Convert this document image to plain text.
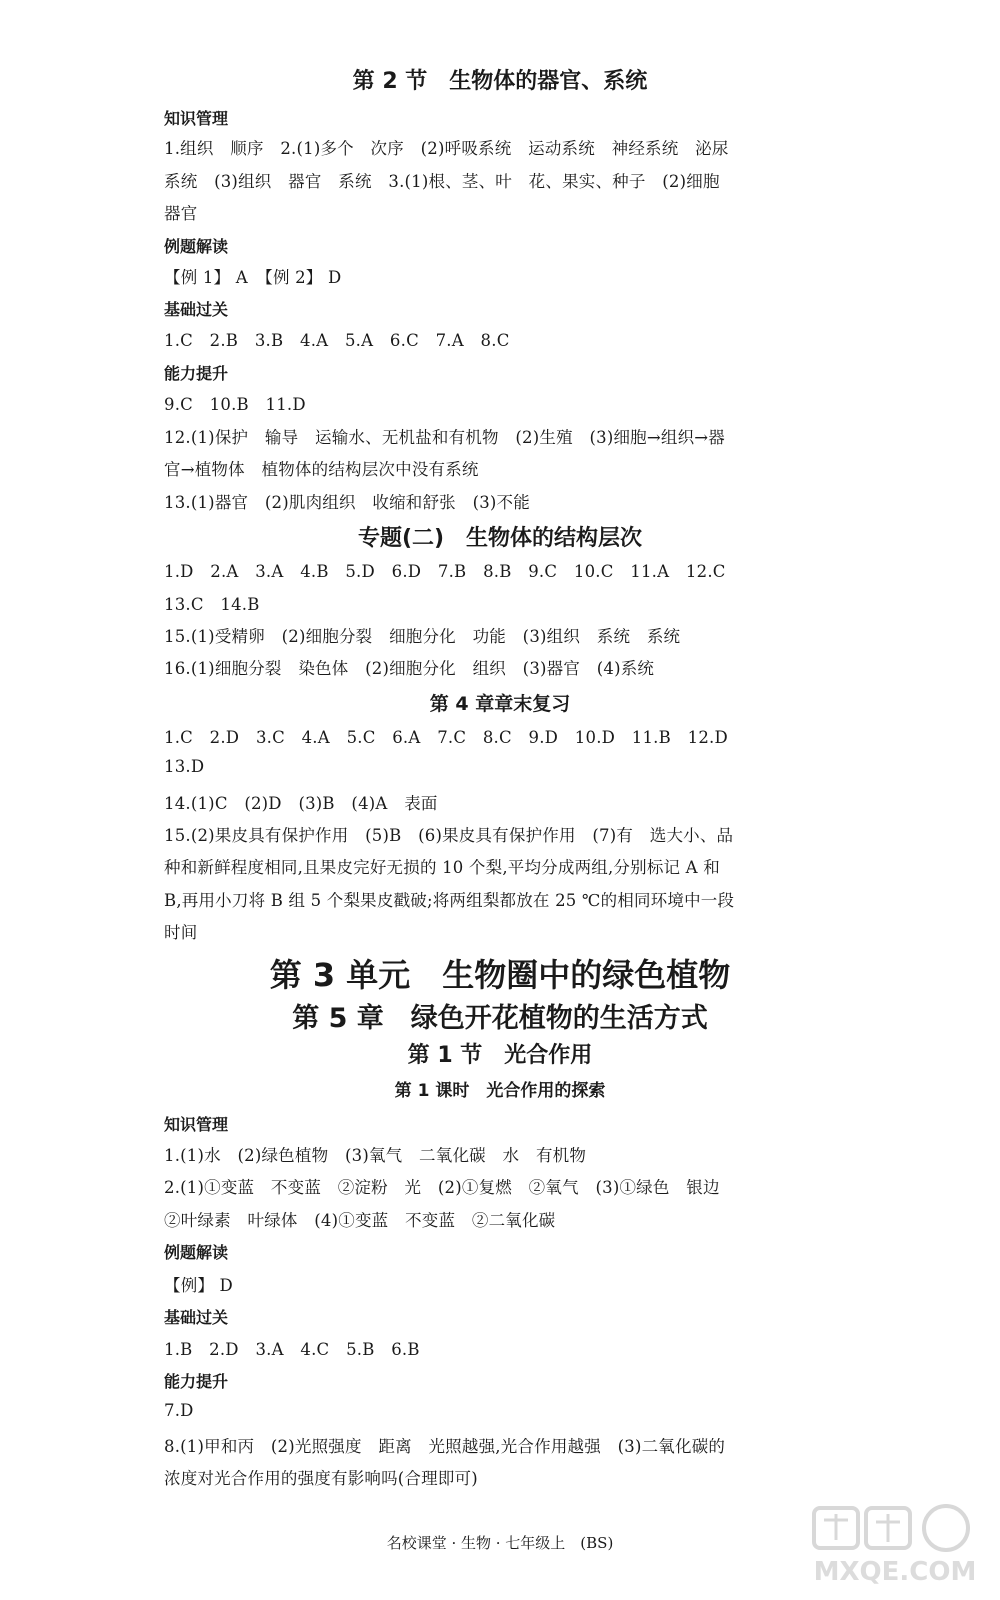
第 2 节　生物体的器官、系统
知识管理
1.组织　顺序　2.(1)多个　次序　(2)呼吸系统　运动系统　神经系统　泌尿
系统　(3)组织　器官　系统　3.(1)根、茎、叶　花、果实、种子　(2)细胞
器官
例题解读
【例 1】 A　【例 2】 D
基础过关
1.C　2.B　3.B　4.A　5.A　6.C　7.A　8.C
能力提升
9.C　10.B　11.D
12.(1)保护　输导　运输水、无机盐和有机物　(2)生殖　(3)细胞→组织→器
官→植物体　植物体的结构层次中没有系统
13.(1)器官　(2)肌肉组织　收缩和舒张　(3)不能
专题(二)　生物体的结构层次
1.D　2.A　3.A　4.B　5.D　6.D　7.B　8.B　9.C　10.C　11.A　12.C
13.C　14.B
15.(1)受精卵　(2)细胞分裂　细胞分化　功能　(3)组织　系统　系统
16.(1)细胞分裂　染色体　(2)细胞分化　组织　(3)器官　(4)系统
第 4 章章末复习
1.C　2.D　3.C　4.A　5.C　6.A　7.C　8.C　9.D　10.D　11.B　12.D
13.D
14.(1)C　(2)D　(3)B　(4)A　表面
15.(2)果皮具有保护作用　(5)B　(6)果皮具有保护作用　(7)有　选大小、品
种和新鲜程度相同,且果皮完好无损的 10 个梨,平均分成两组,分别标记 A 和
B,再用小刀将 B 组 5 个梨果皮戳破;将两组梨都放在 25 ℃的相同环境中一段
时间
第 3 单元　生物圈中的绿色植物
第 5 章　绿色开花植物的生活方式
第 1 节　光合作用
第 1 课时　光合作用的探索
知识管理
1.(1)水　(2)绿色植物　(3)氧气　二氧化碳　水　有机物
2.(1)①变蓝　不变蓝　②淀粉　光　(2)①复燃　②氧气　(3)①绿色　银边
②叶绿素　叶绿体　(4)①变蓝　不变蓝　②二氧化碳
例题解读
【例】 D
基础过关
1.B　2.D　3.A　4.C　5.B　6.B
能力提升
7.D
8.(1)甲和丙　(2)光照强度　距离　光照越强,光合作用越强　(3)二氧化碳的
浓度对光合作用的强度有影响吗(合理即可)
名校课堂 · 生物 · 七年级上　(BS)
MXQE.COM
